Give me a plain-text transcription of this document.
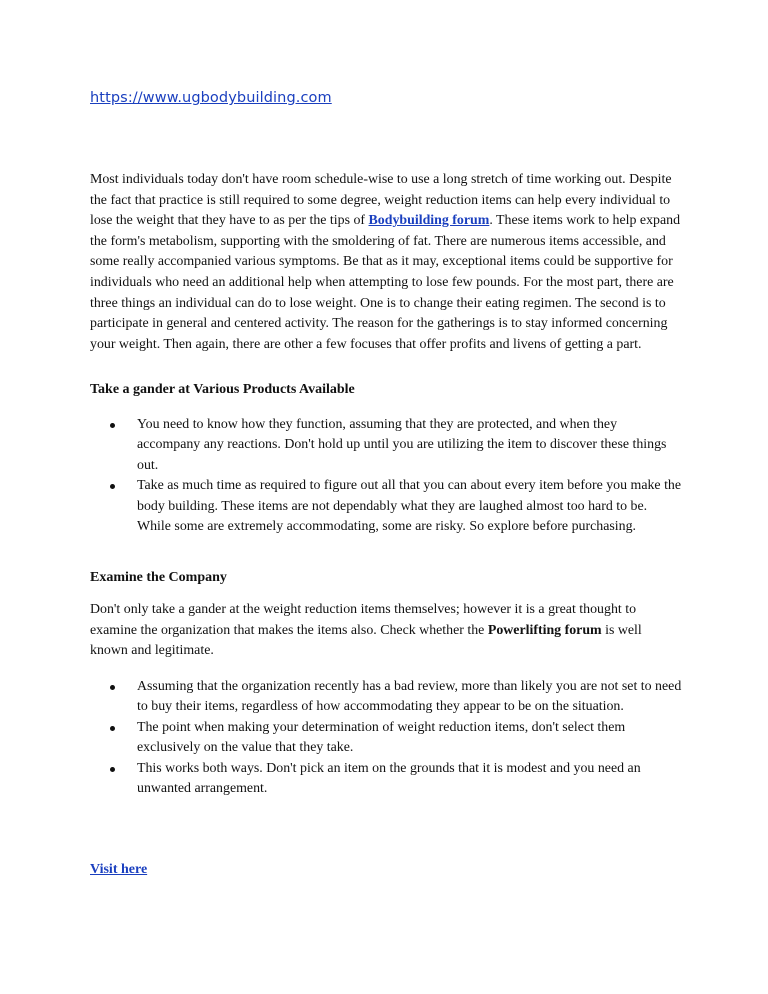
https://www.ugbodybuilding.com

Most individuals today don't have room schedule-wise to use a long stretch of time working out. Despite the fact that practice is still required to some degree, weight reduction items can help every individual to lose the weight that they have to as per the tips of Bodybuilding forum. These items work to help expand the form's metabolism, supporting with the smoldering of fat. There are numerous items accessible, and some really accompanied various symptoms. Be that as it may, exceptional items could be supportive for individuals who need an additional help when attempting to lose few pounds. For the most part, there are three things an individual can do to lose weight. One is to change their eating regimen. The second is to participate in general and centered activity. The reason for the gatherings is to stay informed concerning your weight. Then again, there are other a few focuses that offer profits and livens of getting a part.

Take a gander at Various Products Available
You need to know how they function, assuming that they are protected, and when they accompany any reactions. Don't hold up until you are utilizing the item to discover these things out.
Take as much time as required to figure out all that you can about every item before you make the body building. These items are not dependably what they are laughed almost too hard to be. While some are extremely accommodating, some are risky. So explore before purchasing.
Examine the Company

Don't only take a gander at the weight reduction items themselves; however it is a great thought to examine the organization that makes the items also. Check whether the Powerlifting forum is well known and legitimate.

Assuming that the organization recently has a bad review, more than likely you are not set to need to buy their items, regardless of how accommodating they appear to be on the situation.
The point when making your determination of weight reduction items, don't select them exclusively on the value that they take.
This works both ways. Don't pick an item on the grounds that it is modest and you need an unwanted arrangement.
Visit here
